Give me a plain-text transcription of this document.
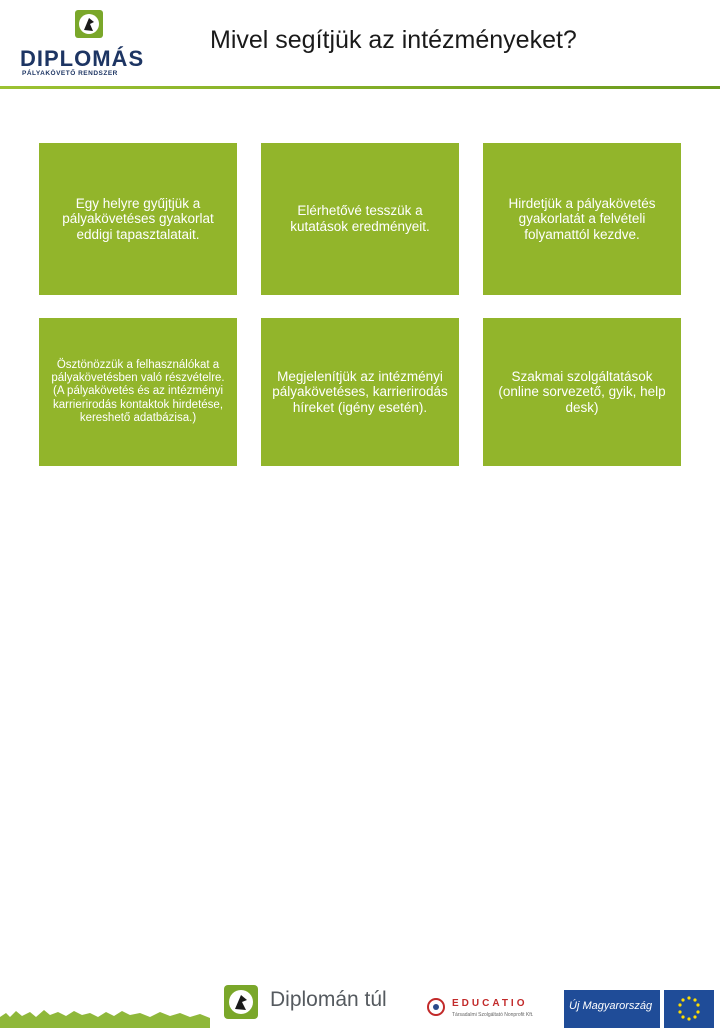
DIPLOMÁS
PÁLYAKÖVETŐ RENDSZER
Mivel segítjük az intézményeket?
Egy helyre gyűjtjük a pályakövetéses gyakorlat eddigi tapasztalatait.
Elérhetővé tesszük a kutatások eredményeit.
Hirdetjük a pályakövetés gyakorlatát a felvételi folyamattól kezdve.
Ösztönözzük a felhasználókat a pályakövetésben való részvételre. (A pályakövetés és az intézményi karrierirodás kontaktok hirdetése, kereshető adatbázisa.)
Megjelenítjük az intézményi pályakövetéses, karrierirodás híreket (igény esetén).
Szakmai szolgáltatások (online sorvezető, gyik, help desk)
Diplomán túl	EDUCATIO
Társadalmi Szolgáltató Nonprofit Kft.
Új Magyarország
